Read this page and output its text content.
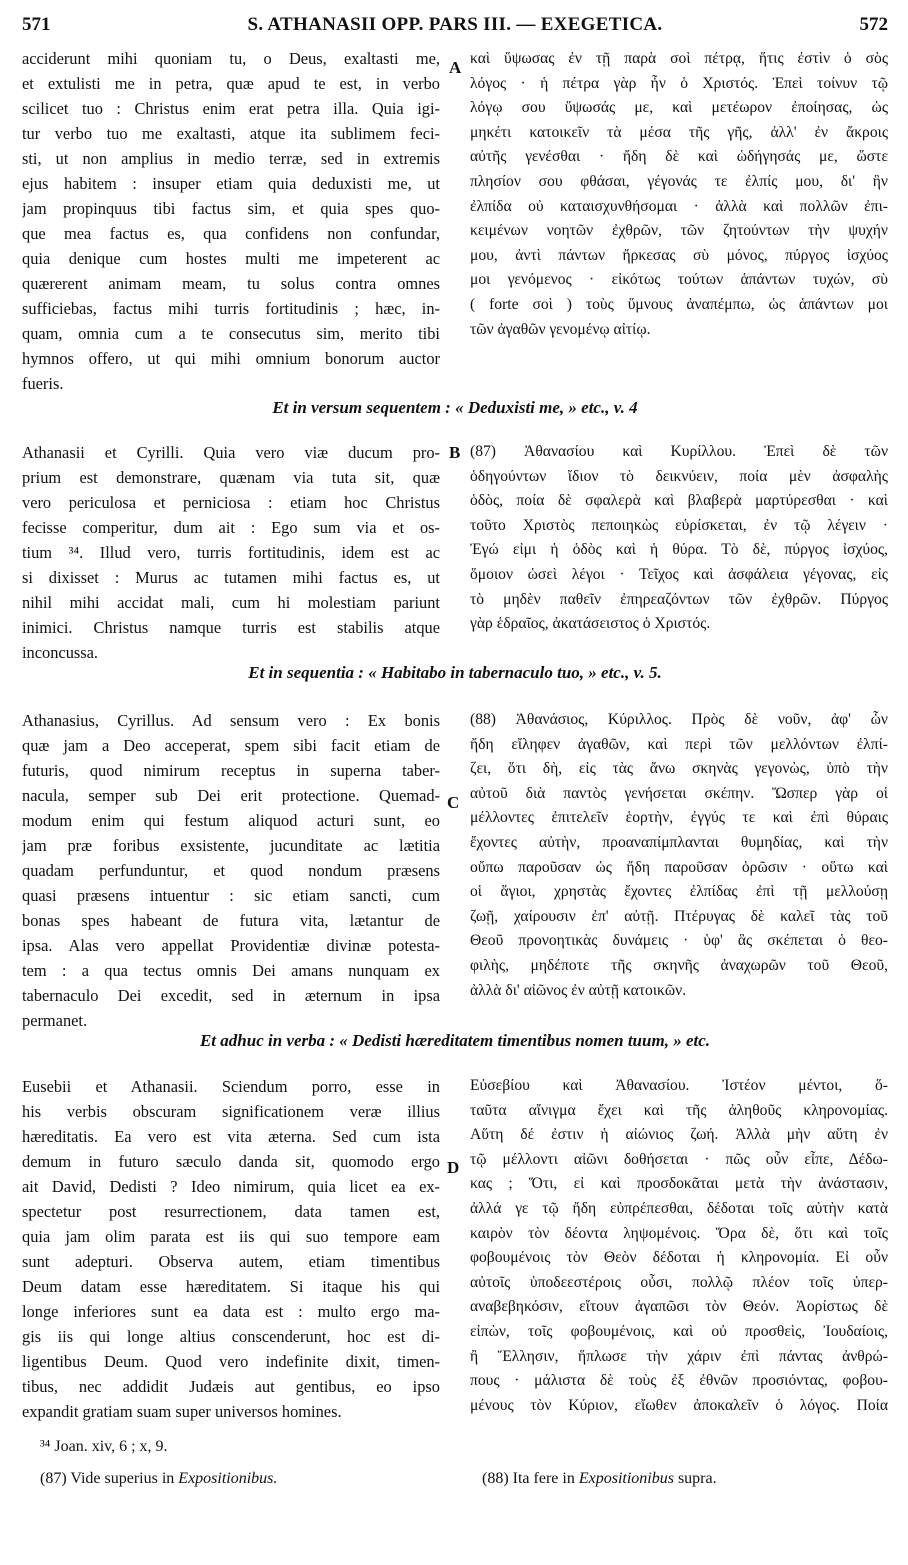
571	S. ATHANASII OPP. PARS III. — EXEGETICA.	572
A
B
C
D
acciderunt mihi quoniam tu, o Deus, exaltasti me,
et extulisti me in petra, quæ apud te est, in verbo
scilicet tuo : Christus enim erat petra illa. Quia igi-
tur verbo tuo me exaltasti, atque ita sublimem feci-
sti, ut non amplius in medio terræ, sed in extremis
ejus habitem : insuper etiam quia deduxisti me, ut
jam propinquus tibi factus sim, et quia spes quo-
que mea factus es, qua confidens non confundar,
quia denique cum hostes multi me impeterent ac
quærerent animam meam, tu solus contra omnes
sufficiebas, factus mihi turris fortitudinis ; hæc, in-
quam, omnia cum a te consecutus sim, merito tibi
hymnos offero, ut qui mihi omnium bonorum auctor
fueris.
καὶ ὕψωσας ἐν τῇ παρὰ σοὶ πέτρᾳ, ἥτις ἐστὶν ὁ σὸς
λόγος · ἡ πέτρα γὰρ ἦν ὁ Χριστός. Ἐπεὶ τοίνυν τῷ
λόγῳ σου ὕψωσάς με, καὶ μετέωρον ἐποίησας, ὡς
μηκέτι κατοικεῖν τὰ μέσα τῆς γῆς, ἀλλ' ἐν ἄκροις
αὐτῆς γενέσθαι · ἤδη δὲ καὶ ὡδήγησάς με, ὥστε
πλησίον σου φθάσαι, γέγονάς τε ἐλπίς μου, δι' ἣν
ἐλπίδα οὐ καταισχυνθήσομαι · ἀλλὰ καὶ πολλῶν ἐπι-
κειμένων νοητῶν ἐχθρῶν, τῶν ζητούντων τὴν ψυχήν
μου, ἀντὶ πάντων ἤρκεσας σὺ μόνος, πύργος ἰσχύος
μοι γενόμενος · εἰκότως τούτων ἁπάντων τυχών, σὺ
( forte σοὶ ) τοὺς ὕμνους ἀναπέμπω, ὡς ἁπάντων μοι
τῶν ἀγαθῶν γενομένῳ αἰτίῳ.
Et in versum sequentem : « Deduxisti me, » etc., v. 4
Athanasii et Cyrilli. Quia vero viæ ducum pro-
prium est demonstrare, quænam via tuta sit, quæ
vero periculosa et perniciosa : etiam hoc Christus
fecisse comperitur, dum ait : Ego sum via et os-
tium ³⁴. Illud vero, turris fortitudinis, idem est ac
si dixisset : Murus ac tutamen mihi factus es, ut
nihil mihi accidat mali, cum hi molestiam pariunt
inimici. Christus namque turris est stabilis atque
inconcussa.
(87) Ἀθανασίου καὶ Κυρίλλου. Ἐπεὶ δὲ τῶν
ὁδηγούντων ἴδιον τὸ δεικνύειν, ποία μὲν ἀσφαλὴς
ὁδὸς, ποία δὲ σφαλερὰ καὶ βλαβερὰ μαρτύρεσθαι · καὶ
τοῦτο Χριστὸς πεποιηκὼς εὑρίσκεται, ἐν τῷ λέγειν ·
Ἐγώ εἰμι ἡ ὁδὸς καὶ ἡ θύρα. Τὸ δὲ, πύργος ἰσχύος,
ὅμοιον ὡσεὶ λέγοι · Τεῖχος καὶ ἀσφάλεια γέγονας, εἰς
τὸ μηδὲν παθεῖν ἐπηρεαζόντων τῶν ἐχθρῶν. Πύργος
γὰρ ἑδραῖος, ἀκατάσειστος ὁ Χριστός.
Et in sequentia : « Habitabo in tabernaculo tuo, » etc., v. 5.
Athanasius, Cyrillus. Ad sensum vero : Ex bonis
quæ jam a Deo acceperat, spem sibi facit etiam de
futuris, quod nimirum receptus in superna taber-
nacula, semper sub Dei erit protectione. Quemad-
modum enim qui festum aliquod acturi sunt, eo
jam præ foribus exsistente, jucunditate ac lætitia
quadam perfunduntur, et quod nondum præsens
quasi præsens intuentur : sic etiam sancti, cum
bonas spes habeant de futura vita, lætantur de
ipsa. Alas vero appellat Providentiæ divinæ potesta-
tem : a qua tectus omnis Dei amans nunquam ex
tabernaculo Dei excedit, sed in æternum in ipsa
permanet.
(88) Ἀθανάσιος, Κύριλλος. Πρὸς δὲ νοῦν, ἀφ' ὧν
ἤδη εἴληφεν ἀγαθῶν, καὶ περὶ τῶν μελλόντων ἐλπί-
ζει, ὅτι δὴ, εἰς τὰς ἄνω σκηνὰς γεγονὼς, ὑπὸ τὴν
αὐτοῦ διὰ παντὸς γενήσεται σκέπην. Ὥσπερ γὰρ οἱ
μέλλοντες ἐπιτελεῖν ἑορτὴν, ἐγγύς τε καὶ ἐπὶ θύραις
ἔχοντες αὐτὴν, προαναπίμπλανται θυμηδίας, καὶ τὴν
οὔπω παροῦσαν ὡς ἤδη παροῦσαν ὁρῶσιν · οὕτω καὶ
οἱ ἅγιοι, χρηστὰς ἔχοντες ἐλπίδας ἐπὶ τῇ μελλούσῃ
ζωῇ, χαίρουσιν ἐπ' αὐτῇ. Πτέρυγας δὲ καλεῖ τὰς τοῦ
Θεοῦ προνοητικὰς δυνάμεις · ὑφ' ἃς σκέπεται ὁ θεο-
φιλὴς, μηδέποτε τῆς σκηνῆς ἀναχωρῶν τοῦ Θεοῦ,
ἀλλὰ δι' αἰῶνος ἐν αὐτῇ κατοικῶν.
Et adhuc in verba : « Dedisti hæreditatem timentibus nomen tuum, » etc.
Eusebii et Athanasii. Sciendum porro, esse in
his verbis obscuram significationem veræ illius
hæreditatis. Ea vero est vita æterna. Sed cum ista
demum in futuro sæculo danda sit, quomodo ergo
ait David, Dedisti ? Ideo nimirum, quia licet ea ex-
spectetur post resurrectionem, data tamen est,
quia jam olim parata est iis qui suo tempore eam
sunt adepturi. Observa autem, etiam timentibus
Deum datam esse hæreditatem. Si itaque his qui
longe inferiores sunt ea data est : multo ergo ma-
gis iis qui longe altius conscenderunt, hoc est di-
ligentibus Deum. Quod vero indefinite dixit, timen-
tibus, nec addidit Judæis aut gentibus, eo ipso
expandit gratiam suam super universos homines.
Εὐσεβίου καὶ Ἀθανασίου. Ἰστέον μέντοι, ὅ-
ταῦτα αἴνιγμα ἔχει καὶ τῆς ἀληθοῦς κληρονομίας.
Αὕτη δέ ἐστιν ἡ αἰώνιος ζωή. Ἀλλὰ μὴν αὕτη ἐν
τῷ μέλλοντι αἰῶνι δοθήσεται · πῶς οὖν εἶπε, Δέδω-
κας ; Ὅτι, εἰ καὶ προσδοκᾶται μετὰ τὴν ἀνάστασιν,
ἀλλά γε τῷ ἤδη εὐπρέπεσθαι, δέδοται τοῖς αὐτὴν κατὰ
καιρὸν τὸν δέοντα ληψομένοις. Ὅρα δὲ, ὅτι καὶ τοῖς
φοβουμένοις τὸν Θεὸν δέδοται ἡ κληρονομία. Εἰ οὖν
αὐτοῖς ὑποδεεστέροις οὖσι, πολλῷ πλέον τοῖς ὑπερ-
αναβεβηκόσιν, εἴτουν ἀγαπῶσι τὸν Θεόν. Ἀορίστως δὲ
εἰπὼν, τοῖς φοβουμένοις, καὶ οὐ προσθεὶς, Ἰουδαίοις,
ἢ Ἕλλησιν, ἥπλωσε τὴν χάριν ἐπὶ πάντας ἀνθρώ-
πους · μάλιστα δὲ τοὺς ἐξ ἐθνῶν προσιόντας, φοβου-
μένους τὸν Κύριον, εἴωθεν ἀποκαλεῖν ὁ λόγος. Ποία
³⁴ Joan. xiv, 6 ; x, 9.
(87) Vide superius in Expositionibus.	(88) Ita fere in Expositionibus supra.
